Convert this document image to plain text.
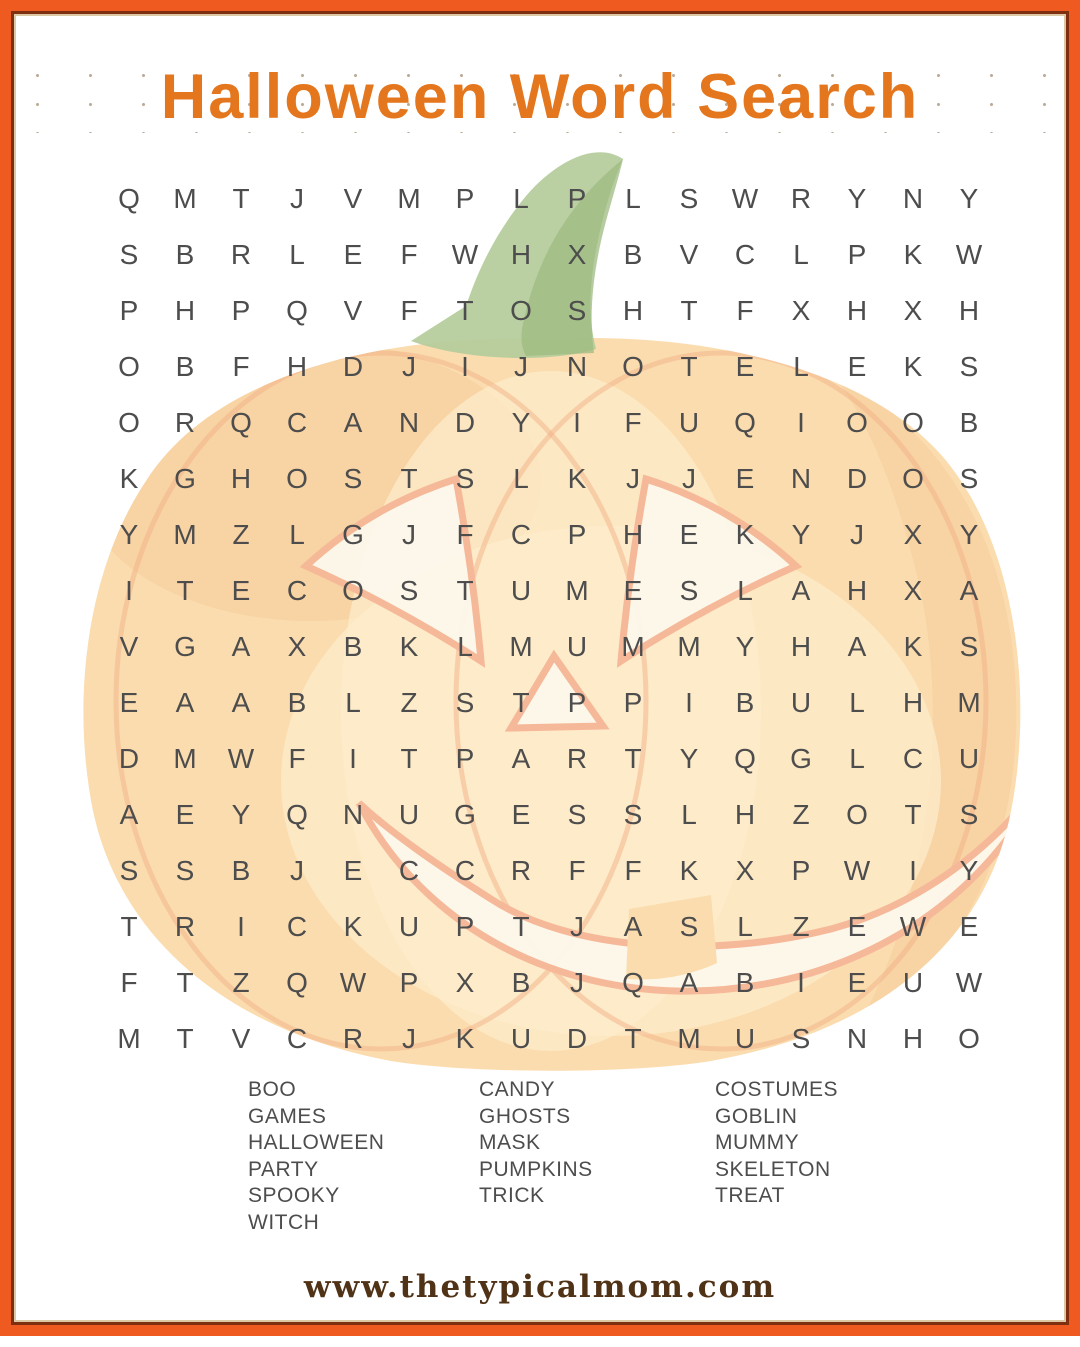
Halloween Word Search
Q	M	T	J	V	M	P	L	P	L	S	W	R	Y	N	Y
S	B	R	L	E	F	W	H	X	B	V	C	L	P	K	W
P	H	P	Q	V	F	T	O	S	H	T	F	X	H	X	H
O	B	F	H	D	J	I	J	N	O	T	E	L	E	K	S
O	R	Q	C	A	N	D	Y	I	F	U	Q	I	O	O	B
K	G	H	O	S	T	S	L	K	J	J	E	N	D	O	S
Y	M	Z	L	G	J	F	C	P	H	E	K	Y	J	X	Y
I	T	E	C	O	S	T	U	M	E	S	L	A	H	X	A
V	G	A	X	B	K	L	M	U	M	M	Y	H	A	K	S
E	A	A	B	L	Z	S	T	P	P	I	B	U	L	H	M
D	M	W	F	I	T	P	A	R	T	Y	Q	G	L	C	U
A	E	Y	Q	N	U	G	E	S	S	L	H	Z	O	T	S
S	S	B	J	E	C	C	R	F	F	K	X	P	W	I	Y
T	R	I	C	K	U	P	T	J	A	S	L	Z	E	W	E
F	T	Z	Q	W	P	X	B	J	Q	A	B	I	E	U	W
M	T	V	C	R	J	K	U	D	T	M	U	S	N	H	O
BOO
GAMES
HALLOWEEN
PARTY
SPOOKY
WITCH
CANDY
GHOSTS
MASK
PUMPKINS
TRICK
COSTUMES
GOBLIN
MUMMY
SKELETON
TREAT
www.thetypicalmom.com
